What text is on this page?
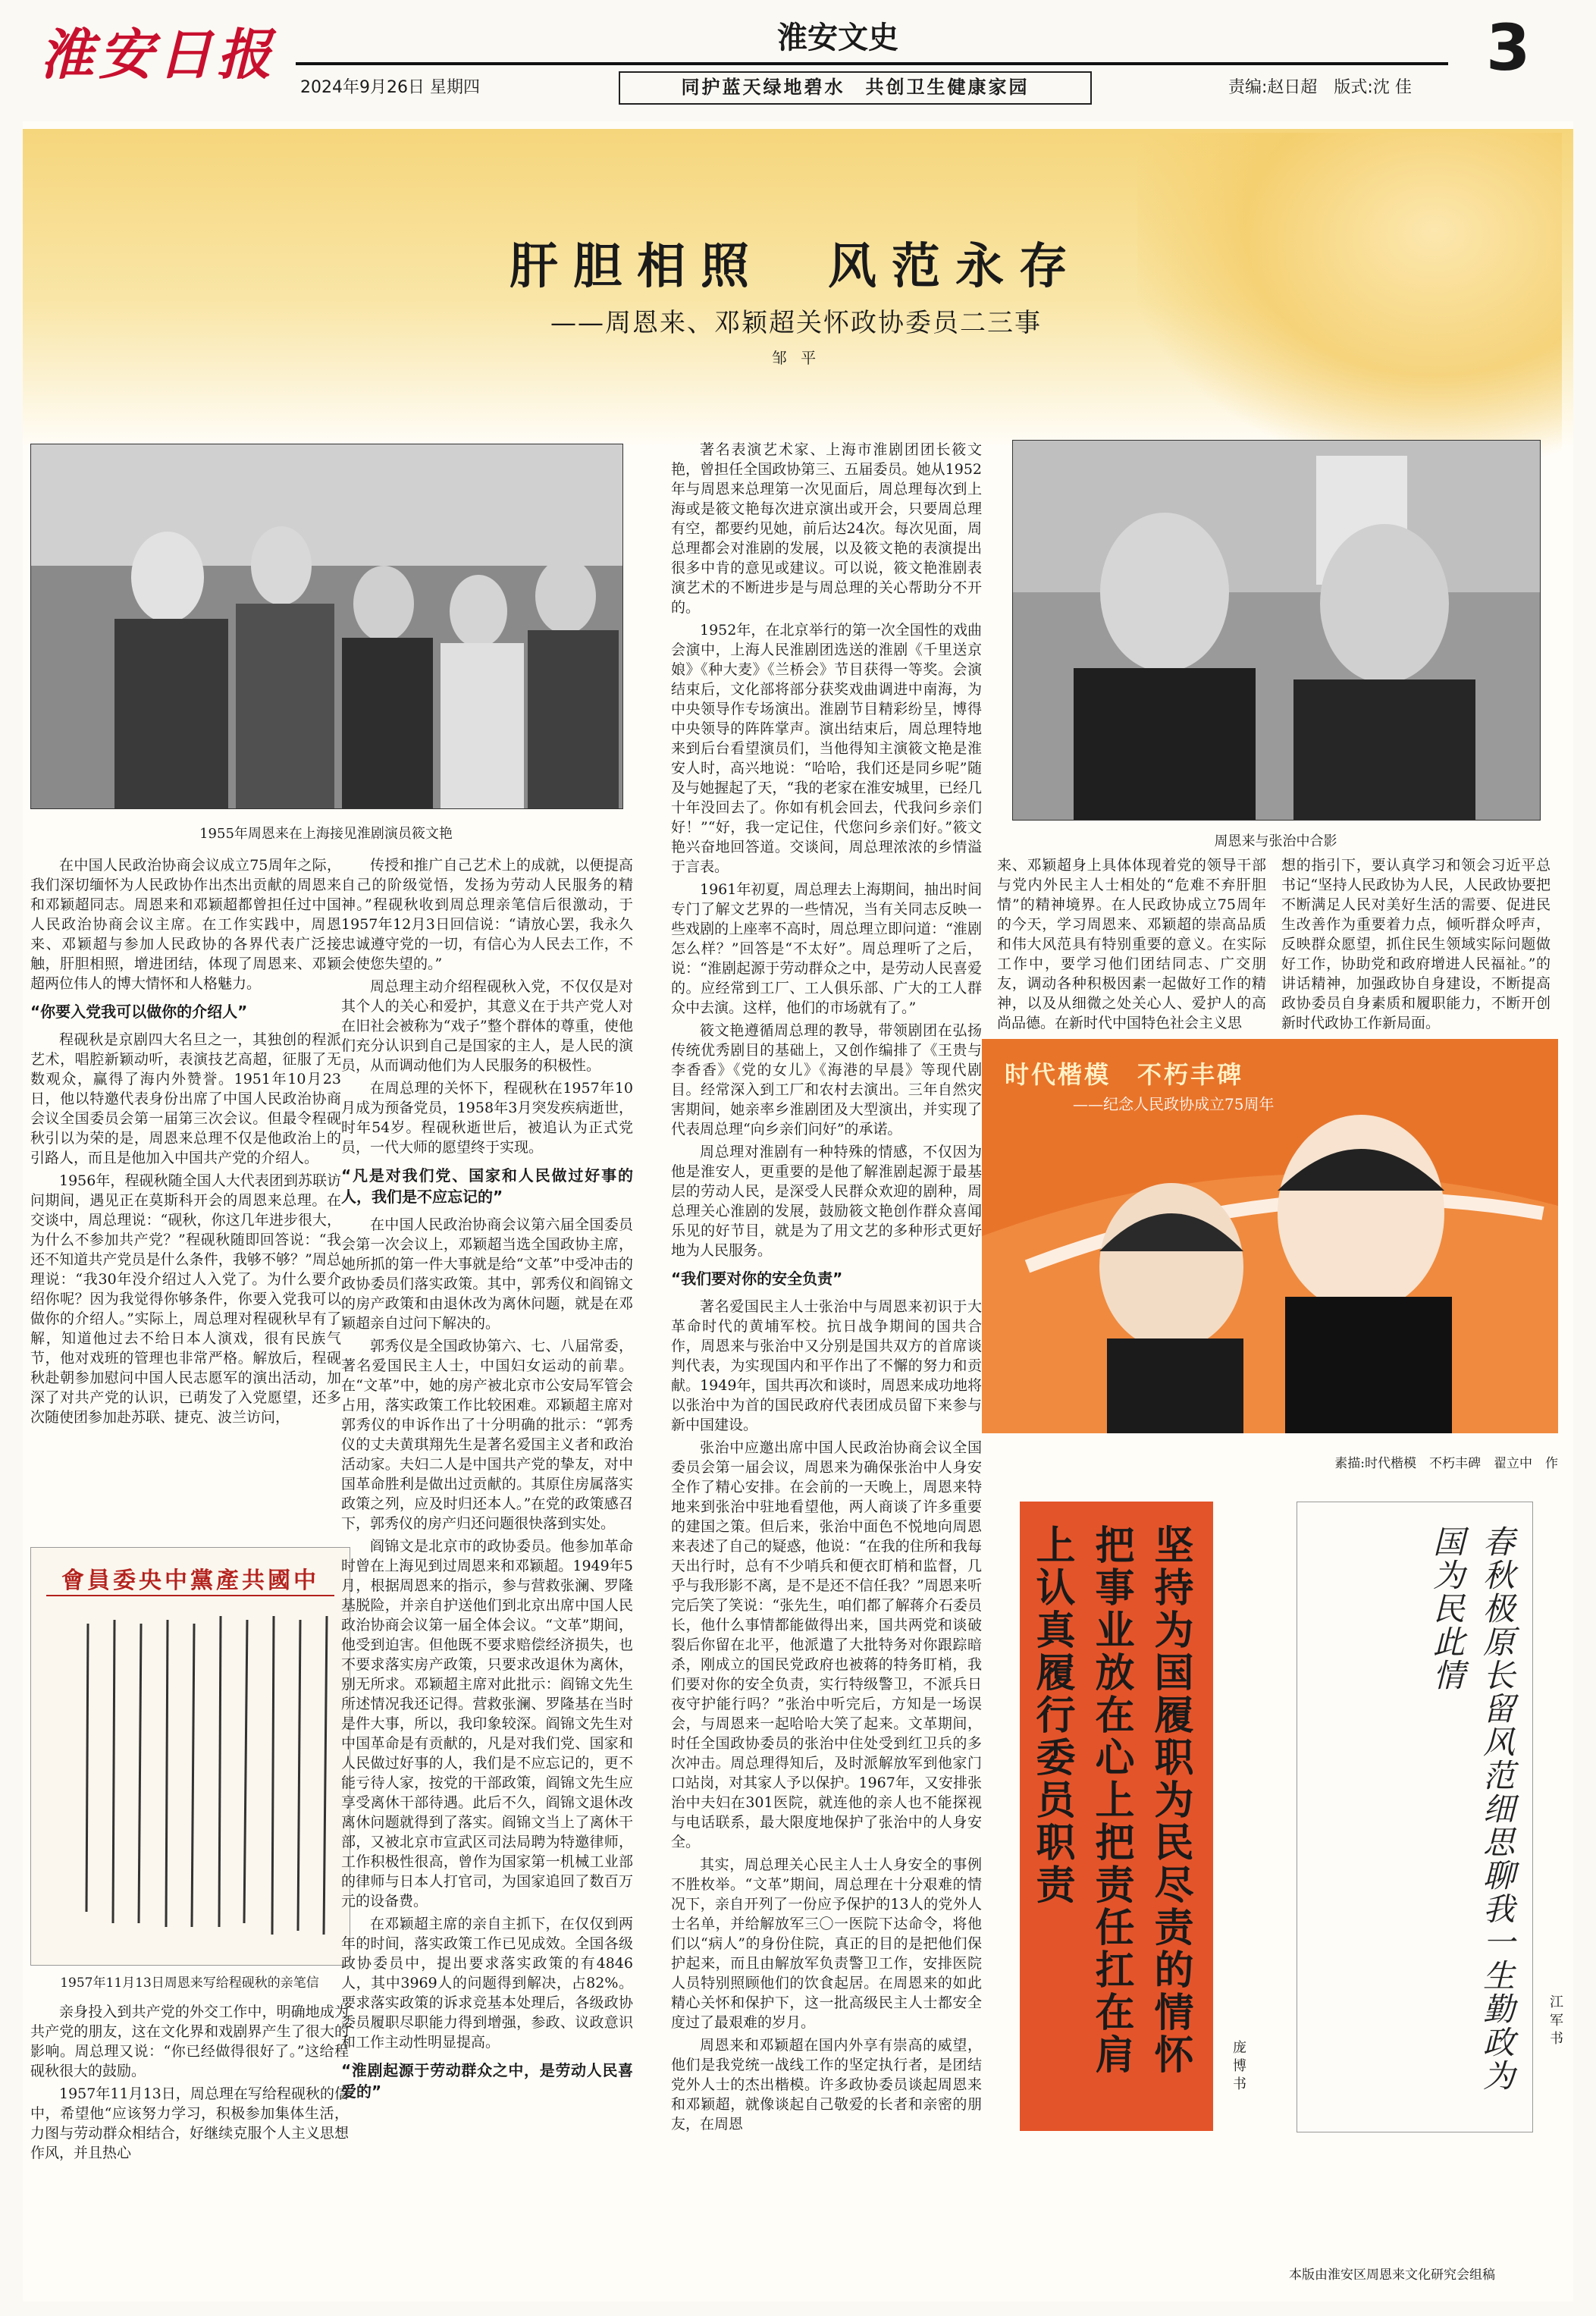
淮安日报	淮安文史	3
2024年9月26日 星期四	同护蓝天绿地碧水　共创卫生健康家园	责编:赵日超　版式:沈 佳
肝胆相照　风范永存
——周恩来、邓颖超关怀政协委员二三事
邹 平
1955年周恩来在上海接见淮剧演员筱文艳	周恩来与张治中合影
會員委央中黨產共國中
1957年11月13日周恩来写给程砚秋的亲笔信
时代楷模　不朽丰碑
——纪念人民政协成立75周年
素描:时代楷模　不朽丰碑　翟立中　作
坚持为国履职为民尽责的情怀把事业放在心上把责任扛在肩上认真履行委员职责
庞博书	春秋极原长留风范细思聊我一生勤政为国为民此情
江军书
本版由淮安区周恩来文化研究会组稿

在中国人民政治协商会议成立75周年之际，我们深切缅怀为人民政协作出杰出贡献的周恩来和邓颖超同志。周恩来和邓颖超都曾担任过中国人民政治协商会议主席。在工作实践中，周恩来、邓颖超与参加人民政协的各界代表广泛接触，肝胆相照，增进团结，体现了周恩来、邓颖超两位伟人的博大情怀和人格魅力。

“你要入党我可以做你的介绍人”

程砚秋是京剧四大名旦之一，其独创的程派艺术，唱腔新颖动听，表演技艺高超，征服了无数观众，赢得了海内外赞誉。1951年10月23日，他以特邀代表身份出席了中国人民政治协商会议全国委员会第一届第三次会议。但最令程砚秋引以为荣的是，周恩来总理不仅是他政治上的引路人，而且是他加入中国共产党的介绍人。

1956年，程砚秋随全国人大代表团到苏联访问期间，遇见正在莫斯科开会的周恩来总理。在交谈中，周总理说：“砚秋，你这几年进步很大，为什么不参加共产党？”程砚秋随即回答说：“我还不知道共产党员是什么条件，我够不够？”周总理说：“我30年没介绍过人入党了。为什么要介绍你呢？因为我觉得你够条件，你要入党我可以做你的介绍人。”实际上，周总理对程砚秋早有了解，知道他过去不给日本人演戏，很有民族气节，他对戏班的管理也非常严格。解放后，程砚秋赴朝参加慰问中国人民志愿军的演出活动，加深了对共产党的认识，已萌发了入党愿望，还多次随使团参加赴苏联、捷克、波兰访问，

亲身投入到共产党的外交工作中，明确地成为共产党的朋友，这在文化界和戏剧界产生了很大的影响。周总理又说：“你已经做得很好了。”这给程砚秋很大的鼓励。

1957年11月13日，周总理在写给程砚秋的信中，希望他“应该努力学习，积极参加集体生活，力图与劳动群众相结合，好继续克服个人主义思想作风，并且热心

传授和推广自己艺术上的成就，以便提高自己的阶级觉悟，发扬为劳动人民服务的精神。”程砚秋收到周总理亲笔信后很激动，于1957年12月3日回信说：“请放心罢，我永久忠诚遵守党的一切，有信心为人民去工作，不会使您失望的。”

周总理主动介绍程砚秋入党，不仅仅是对其个人的关心和爱护，其意义在于共产党人对在旧社会被称为“戏子”整个群体的尊重，使他们充分认识到自己是国家的主人，是人民的演员，从而调动他们为人民服务的积极性。

在周总理的关怀下，程砚秋在1957年10月成为预备党员，1958年3月突发疾病逝世，时年54岁。程砚秋逝世后，被追认为正式党员，一代大师的愿望终于实现。

“凡是对我们党、国家和人民做过好事的人，我们是不应忘记的”

在中国人民政治协商会议第六届全国委员会第一次会议上，邓颖超当选全国政协主席，她所抓的第一件大事就是给“文革”中受冲击的政协委员们落实政策。其中，郭秀仪和阎锦文的房产政策和由退休改为离休问题，就是在邓颖超亲自过问下解决的。

郭秀仪是全国政协第六、七、八届常委，著名爱国民主人士，中国妇女运动的前辈。在“文革”中，她的房产被北京市公安局军管会占用，落实政策工作比较困难。邓颖超主席对郭秀仪的申诉作出了十分明确的批示：“郭秀仪的丈夫黄琪翔先生是著名爱国主义者和政治活动家。夫妇二人是中国共产党的挚友，对中国革命胜利是做出过贡献的。其原住房属落实政策之列，应及时归还本人。”在党的政策感召下，郭秀仪的房产归还问题很快落到实处。

阎锦文是北京市的政协委员。他参加革命时曾在上海见到过周恩来和邓颖超。1949年5月，根据周恩来的指示，参与营救张澜、罗隆基脱险，并亲自护送他们到北京出席中国人民政治协商会议第一届全体会议。“文革”期间，他受到迫害。但他既不要求赔偿经济损失，也不要求落实房产政策，只要求改退休为离休，别无所求。邓颖超主席对此批示：阎锦文先生所述情况我还记得。营救张澜、罗隆基在当时是件大事，所以，我印象较深。阎锦文先生对中国革命是有贡献的，凡是对我们党、国家和人民做过好事的人，我们是不应忘记的，更不能亏待人家，按党的干部政策，阎锦文先生应享受离休干部待遇。此后不久，阎锦文退休改离休问题就得到了落实。阎锦文当上了离休干部，又被北京市宣武区司法局聘为特邀律师，工作积极性很高，曾作为国家第一机械工业部的律师与日本人打官司，为国家追回了数百万元的设备费。

在邓颖超主席的亲自主抓下，在仅仅到两年的时间，落实政策工作已见成效。全国各级政协委员中，提出要求落实政策的有4846人，其中3969人的问题得到解决，占82%。要求落实政策的诉求竞基本处理后，各级政协委员履职尽职能力得到增强，参政、议政意识和工作主动性明显提高。

“淮剧起源于劳动群众之中，是劳动人民喜爱的”

著名表演艺术家、上海市淮剧团团长筱文艳，曾担任全国政协第三、五届委员。她从1952年与周恩来总理第一次见面后，周总理每次到上海或是筱文艳每次进京演出或开会，只要周总理有空，都要约见她，前后达24次。每次见面，周总理都会对淮剧的发展，以及筱文艳的表演提出很多中肯的意见或建议。可以说，筱文艳淮剧表演艺术的不断进步是与周总理的关心帮助分不开的。

1952年，在北京举行的第一次全国性的戏曲会演中，上海人民淮剧团选送的淮剧《千里送京娘》《种大麦》《兰桥会》节目获得一等奖。会演结束后，文化部将部分获奖戏曲调进中南海，为中央领导作专场演出。淮剧节目精彩纷呈，博得中央领导的阵阵掌声。演出结束后，周总理特地来到后台看望演员们，当他得知主演筱文艳是淮安人时，高兴地说：“哈哈，我们还是同乡呢”随及与她握起了天，“我的老家在淮安城里，已经几十年没回去了。你如有机会回去，代我问乡亲们好！”“好，我一定记住，代您问乡亲们好。”筱文艳兴奋地回答道。交谈间，周总理浓浓的乡情溢于言表。

1961年初夏，周总理去上海期间，抽出时间专门了解文艺界的一些情况，当有关同志反映一些戏剧的上座率不高时，周总理立即问道：“淮剧怎么样？”回答是“不太好”。周总理听了之后，说：“淮剧起源于劳动群众之中，是劳动人民喜爱的。应经常到工厂、工人俱乐部、广大的工人群众中去演。这样，他们的市场就有了。”

筱文艳遵循周总理的教导，带领剧团在弘扬传统优秀剧目的基础上，又创作编排了《王贵与李香香》《党的女儿》《海港的早晨》等现代剧目。经常深入到工厂和农村去演出。三年自然灾害期间，她亲率乡淮剧团及大型演出，并实现了代表周总理“向乡亲们问好”的承诺。

周总理对淮剧有一种特殊的情感，不仅因为他是淮安人，更重要的是他了解淮剧起源于最基层的劳动人民，是深受人民群众欢迎的剧种，周总理关心淮剧的发展，鼓励筱文艳创作群众喜闻乐见的好节目，就是为了用文艺的多种形式更好地为人民服务。

“我们要对你的安全负责”

著名爱国民主人士张治中与周恩来初识于大革命时代的黄埔军校。抗日战争期间的国共合作，周恩来与张治中又分别是国共双方的首席谈判代表，为实现国内和平作出了不懈的努力和贡献。1949年，国共再次和谈时，周恩来成功地将以张治中为首的国民政府代表团成员留下来参与新中国建设。

张治中应邀出席中国人民政治协商会议全国委员会第一届会议，周恩来为确保张治中人身安全作了精心安排。在会前的一天晚上，周恩来特地来到张治中驻地看望他，两人商谈了许多重要的建国之策。但后来，张治中面色不悦地向周恩来表述了自己的疑惑，他说：“在我的住所和我每天出行时，总有不少哨兵和便衣盯梢和监督，几乎与我形影不离，是不是还不信任我？”周恩来听完后笑了笑说：“张先生，咱们都了解蒋介石委员长，他什么事情都能做得出来，国共两党和谈破裂后你留在北平，他派遣了大批特务对你跟踪暗杀，刚成立的国民党政府也被蒋的特务盯梢，我们要对你的安全负责，实行特级警卫，不派兵日夜守护能行吗？”张治中听完后，方知是一场误会，与周恩来一起哈哈大笑了起来。文革期间，时任全国政协委员的张治中住处受到红卫兵的多次冲击。周总理得知后，及时派解放军到他家门口站岗，对其家人予以保护。1967年，又安排张治中夫妇在301医院，就连他的亲人也不能探视与电话联系，最大限度地保护了张治中的人身安全。

其实，周总理关心民主人士人身安全的事例不胜枚举。“文革”期间，周总理在十分艰难的情况下，亲自开列了一份应予保护的13人的党外人士名单，并给解放军三〇一医院下达命令，将他们以“病人”的身份住院，真正的目的是把他们保护起来，而且由解放军负责警卫工作，安排医院人员特别照顾他们的饮食起居。在周恩来的如此精心关怀和保护下，这一批高级民主人士都安全度过了最艰难的岁月。

周恩来和邓颖超在国内外享有崇高的威望，他们是我党统一战线工作的坚定执行者，是团结党外人士的杰出楷模。许多政协委员谈起周恩来和邓颖超，就像谈起自己敬爱的长者和亲密的朋友，在周恩

来、邓颖超身上具体体现着党的领导干部与党内外民主人士相处的“危难不弃肝胆情”的精神境界。在人民政协成立75周年的今天，学习周恩来、邓颖超的崇高品质和伟大风范具有特别重要的意义。在实际工作中，要学习他们团结同志、广交朋友，调动各种积极因素一起做好工作的精神，以及从细微之处关心人、爱护人的高尚品德。在新时代中国特色社会主义思

想的指引下，要认真学习和领会习近平总书记“坚持人民政协为人民，人民政协要把不断满足人民对美好生活的需要、促进民生改善作为重要着力点，倾听群众呼声，反映群众愿望，抓住民生领域实际问题做好工作，协助党和政府增进人民福祉。”的讲话精神，加强政协自身建设，不断提高政协委员自身素质和履职能力，不断开创新时代政协工作新局面。
